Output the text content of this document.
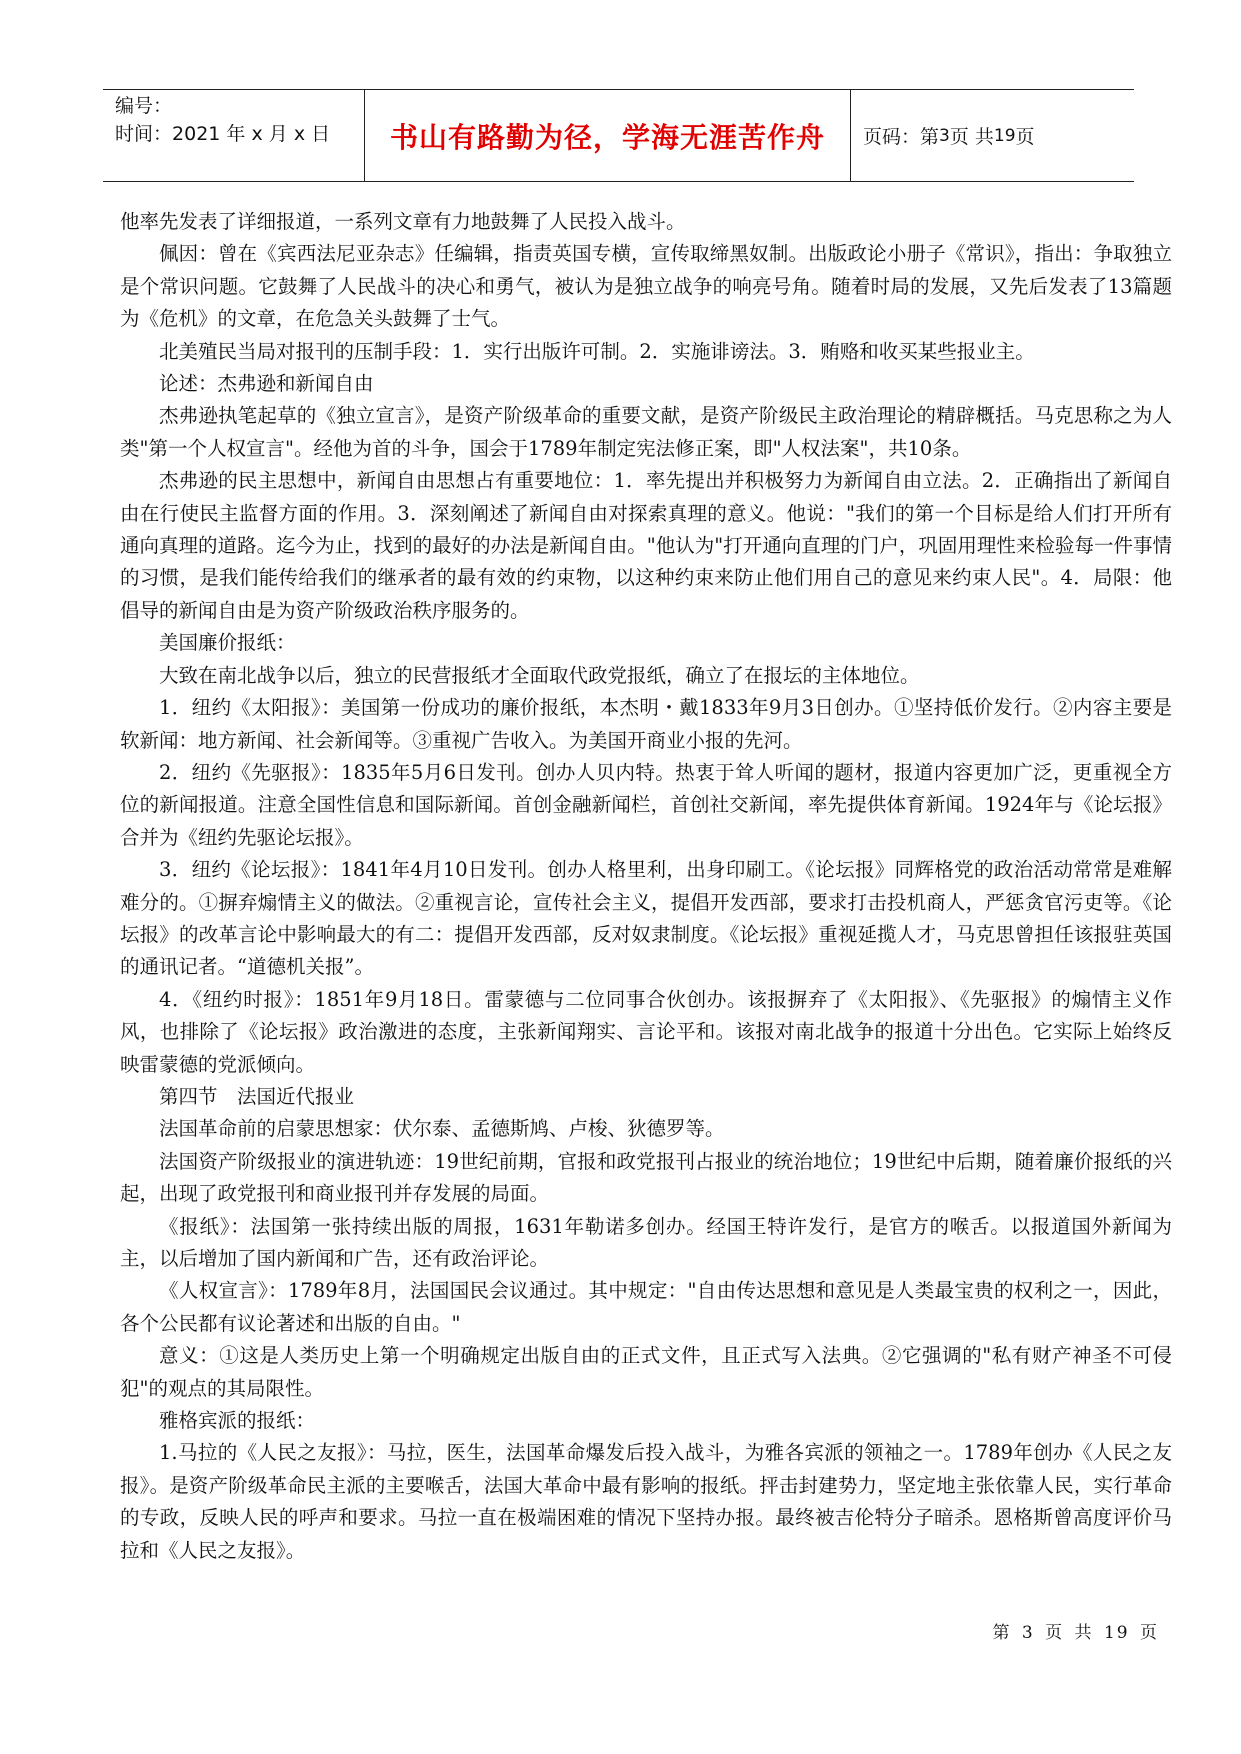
编号：
时间：2021 年 x 月 x 日	书山有路勤为径，学海无涯苦作舟 页码：第 3 页 共 19 页

他率先发表了详细报道，一系列文章有力地鼓舞了人民投入战斗。

佩因：曾在《宾西法尼亚杂志》任编辑，指责英国专横，宣传取缔黑奴制。出版政论小册子《常识》，指出：争取独立是个常识问题。它鼓舞了人民战斗的决心和勇气，被认为是独立战争的响亮号角。随着时局的发展，又先后发表了13篇题为《危机》的文章，在危急关头鼓舞了士气。

北美殖民当局对报刊的压制手段：1．实行出版许可制。2．实施诽谤法。3．贿赂和收买某些报业主。

论述：杰弗逊和新闻自由

杰弗逊执笔起草的《独立宣言》，是资产阶级革命的重要文献，是资产阶级民主政治理论的精辟概括。马克思称之为人类"第一个人权宣言"。经他为首的斗争，国会于1789年制定宪法修正案，即"人权法案"，共10条。

杰弗逊的民主思想中，新闻自由思想占有重要地位：1．率先提出并积极努力为新闻自由立法。2．正确指出了新闻自由在行使民主监督方面的作用。3．深刻阐述了新闻自由对探索真理的意义。他说："我们的第一个目标是给人们打开所有通向真理的道路。迄今为止，找到的最好的办法是新闻自由。"他认为"打开通向直理的门户，巩固用理性来检验每一件事情的习惯，是我们能传给我们的继承者的最有效的约束物，以这种约束来防止他们用自己的意见来约束人民"。4．局限：他倡导的新闻自由是为资产阶级政治秩序服务的。

美国廉价报纸：

大致在南北战争以后，独立的民营报纸才全面取代政党报纸，确立了在报坛的主体地位。

1．纽约《太阳报》：美国第一份成功的廉价报纸，本杰明・戴1833年9月3日创办。①坚持低价发行。②内容主要是软新闻：地方新闻、社会新闻等。③重视广告收入。为美国开商业小报的先河。

2．纽约《先驱报》：1835年5月6日发刊。创办人贝内特。热衷于耸人听闻的题材，报道内容更加广泛，更重视全方位的新闻报道。注意全国性信息和国际新闻。首创金融新闻栏，首创社交新闻，率先提供体育新闻。1924年与《论坛报》合并为《纽约先驱论坛报》。

3．纽约《论坛报》：1841年4月10日发刊。创办人格里利，出身印刷工。《论坛报》同辉格党的政治活动常常是难解难分的。①摒弃煽情主义的做法。②重视言论，宣传社会主义，提倡开发西部，要求打击投机商人，严惩贪官污吏等。《论坛报》的改革言论中影响最大的有二：提倡开发西部，反对奴隶制度。《论坛报》重视延揽人才，马克思曾担任该报驻英国的通讯记者。“道德机关报”。

4．《纽约时报》：1851年9月18日。雷蒙德与二位同事合伙创办。该报摒弃了《太阳报》、《先驱报》的煽情主义作风，也排除了《论坛报》政治激进的态度，主张新闻翔实、言论平和。该报对南北战争的报道十分出色。它实际上始终反映雷蒙德的党派倾向。

第四节　法国近代报业

法国革命前的启蒙思想家：伏尔泰、孟德斯鸠、卢梭、狄德罗等。

法国资产阶级报业的演进轨迹：19世纪前期，官报和政党报刊占报业的统治地位；19世纪中后期，随着廉价报纸的兴起，出现了政党报刊和商业报刊并存发展的局面。

《报纸》：法国第一张持续出版的周报，1631年勒诺多创办。经国王特许发行，是官方的喉舌。以报道国外新闻为主，以后增加了国内新闻和广告，还有政治评论。

《人权宣言》：1789年8月，法国国民会议通过。其中规定："自由传达思想和意见是人类最宝贵的权利之一，因此，各个公民都有议论著述和出版的自由。"

意义：①这是人类历史上第一个明确规定出版自由的正式文件，且正式写入法典。②它强调的"私有财产神圣不可侵犯"的观点的其局限性。

雅格宾派的报纸：

1.马拉的《人民之友报》：马拉，医生，法国革命爆发后投入战斗，为雅各宾派的领袖之一。1789年创办《人民之友报》。是资产阶级革命民主派的主要喉舌，法国大革命中最有影响的报纸。抨击封建势力，坚定地主张依靠人民，实行革命的专政，反映人民的呼声和要求。马拉一直在极端困难的情况下坚持办报。最终被吉伦特分子暗杀。恩格斯曾高度评价马拉和《人民之友报》。

第 3 页 共 19 页
